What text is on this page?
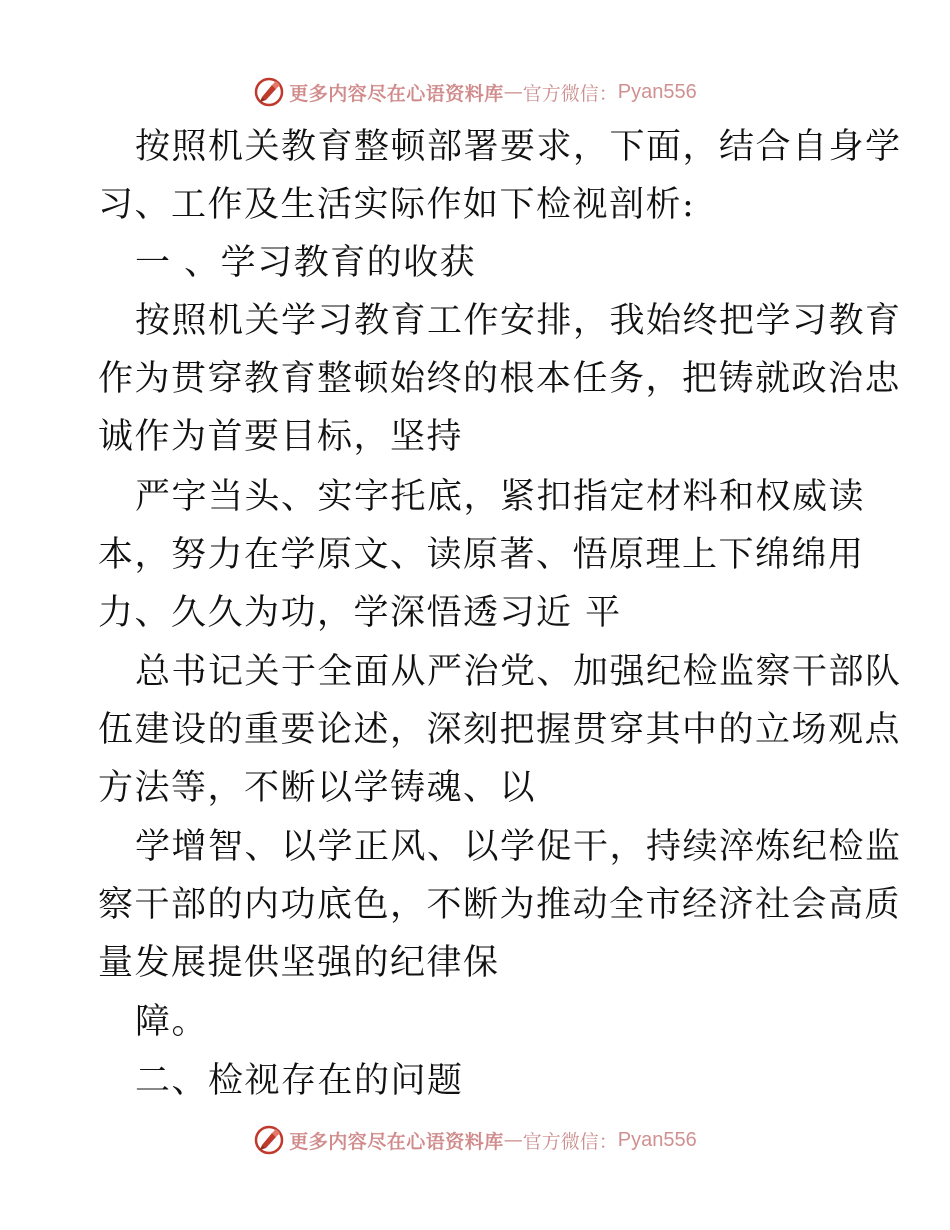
更多内容尽在心语资料库 — 官方微信： Pyan556
按照机关教育整顿部署要求，下面，结合自身学
习、工作及生活实际作如下检视剖析:
一 、学习教育的收获
按照机关学习教育工作安排，我始终把学习教育
作为贯穿教育整顿始终的根本任务，把铸就政治忠
诚作为首要目标，坚持
严字当头、实字托底，紧扣指定材料和权威读
本，努力在学原文、读原著、悟原理上下绵绵用
力、久久为功，学深悟透习近 平
总书记关于全面从严治党、加强纪检监察干部队
伍建设的重要论述，深刻把握贯穿其中的立场观点
方法等，不断以学铸魂、以
学增智、以学正风、以学促干，持续淬炼纪检监
察干部的内功底色，不断为推动全市经济社会高质
量发展提供坚强的纪律保
障。
二、检视存在的问题
更多内容尽在心语资料库 — 官方微信： Pyan556
